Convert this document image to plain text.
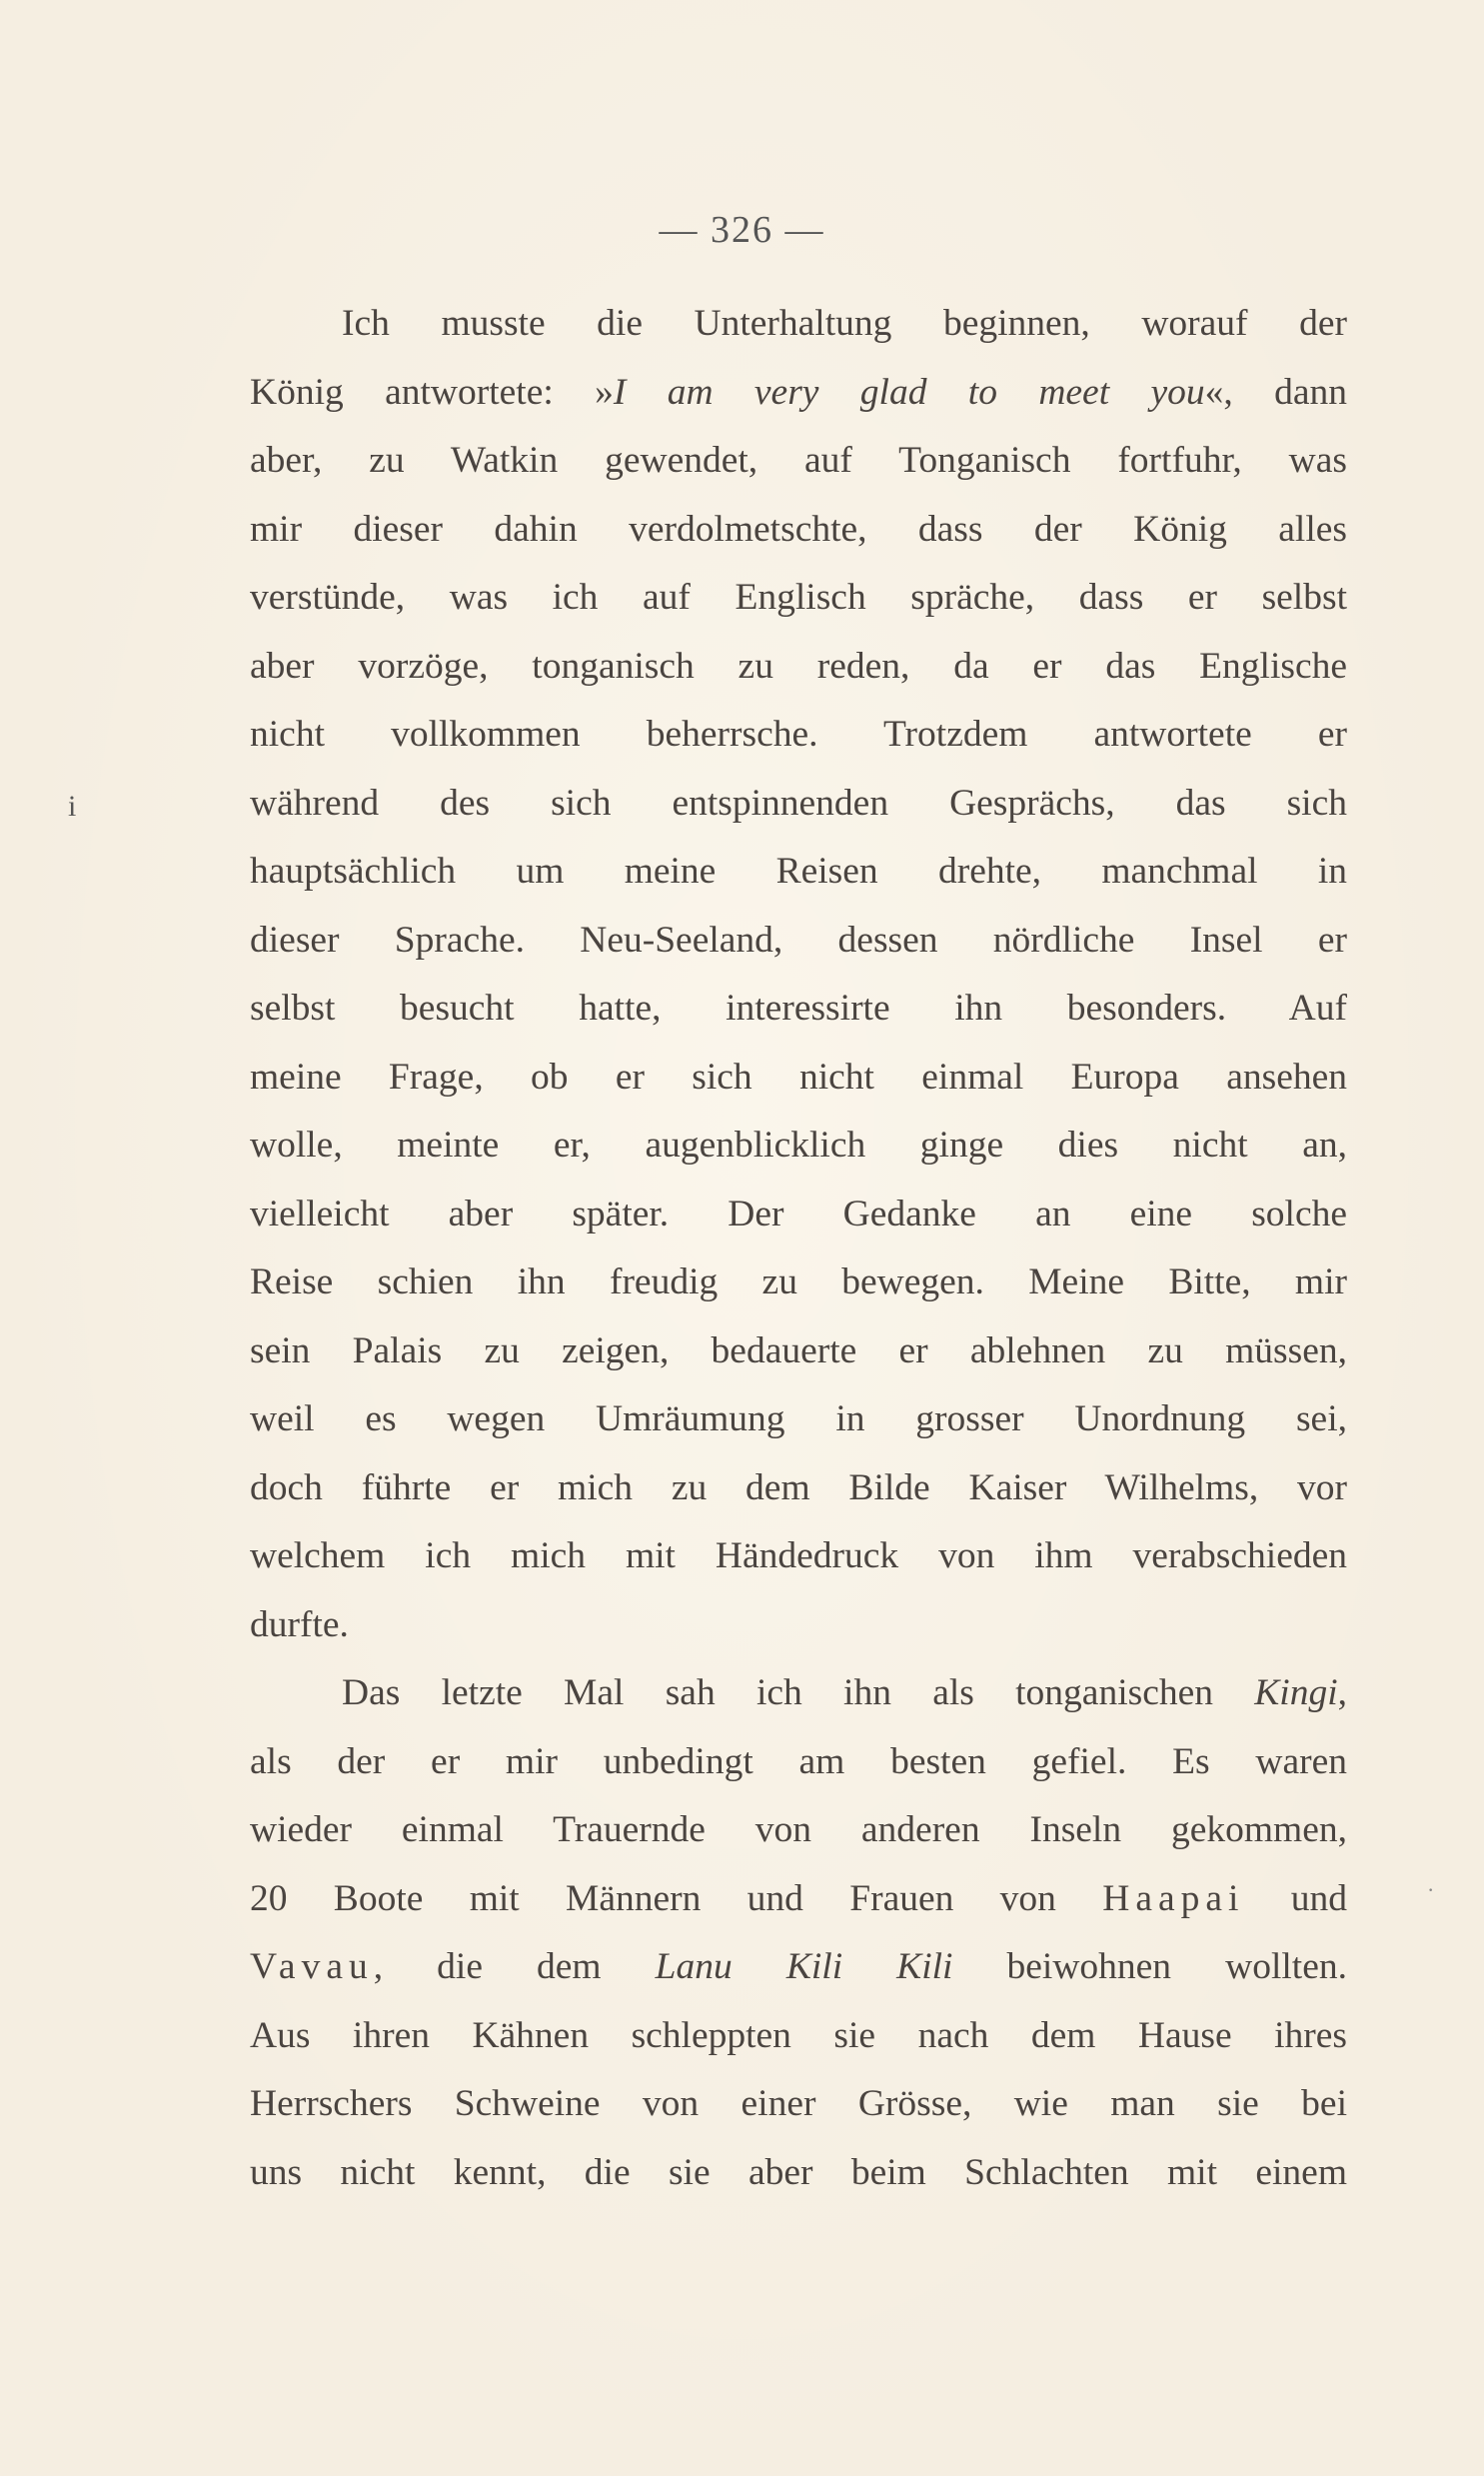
— 326 —
i
·
Ich musste die Unterhaltung beginnen, worauf der
König antwortete: »I am very glad to meet you«, dann
aber, zu Watkin gewendet, auf Tonganisch fortfuhr, was
mir dieser dahin verdolmetschte, dass der König alles
verstünde, was ich auf Englisch spräche, dass er selbst
aber vorzöge, tonganisch zu reden, da er das Englische
nicht vollkommen beherrsche. Trotzdem antwortete er
während des sich entspinnenden Gesprächs, das sich
hauptsächlich um meine Reisen drehte, manchmal in
dieser Sprache. Neu-Seeland, dessen nördliche Insel er
selbst besucht hatte, interessirte ihn besonders. Auf
meine Frage, ob er sich nicht einmal Europa ansehen
wolle, meinte er, augenblicklich ginge dies nicht an,
vielleicht aber später. Der Gedanke an eine solche
Reise schien ihn freudig zu bewegen. Meine Bitte, mir
sein Palais zu zeigen, bedauerte er ablehnen zu müssen,
weil es wegen Umräumung in grosser Unordnung sei,
doch führte er mich zu dem Bilde Kaiser Wilhelms, vor
welchem ich mich mit Händedruck von ihm verabschieden
durfte.
Das letzte Mal sah ich ihn als tonganischen Kingi,
als der er mir unbedingt am besten gefiel. Es waren
wieder einmal Trauernde von anderen Inseln gekommen,
20 Boote mit Männern und Frauen von Haapai und
Vavau, die dem Lanu Kili Kili beiwohnen wollten.
Aus ihren Kähnen schleppten sie nach dem Hause ihres
Herrschers Schweine von einer Grösse, wie man sie bei
uns nicht kennt, die sie aber beim Schlachten mit einem
